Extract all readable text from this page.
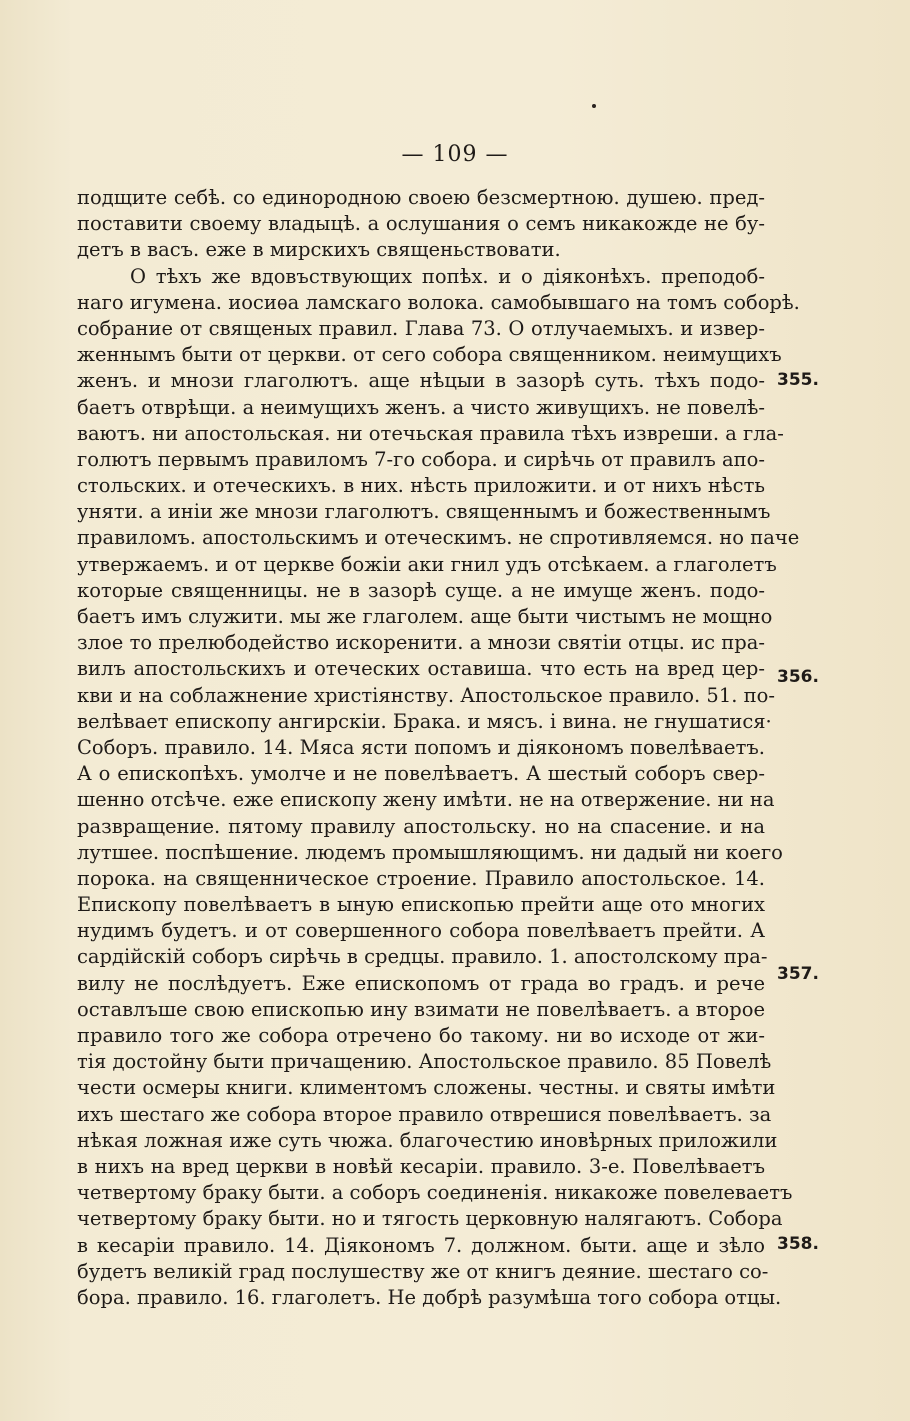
— 109 —
подщите себѣ. со единородною своею безсмертною. душею. пред-
поставити своему владыцѣ. а ослушания о семъ никакожде не бу-
детъ в васъ. еже в мирскихъ священьствовати.
О тѣхъ же вдовъствующих попѣх. и о діяконѣхъ. преподоб-
наго игумена. иосиѳа ламскаго волока. самобывшаго на томъ соборѣ.
собрание от священых правил. Глава 73. О отлучаемыхъ. и извер-
женнымъ быти от церкви. от сего собора священником. неимущихъ
женъ. и мнози глаголютъ. аще нѣцыи в зазорѣ суть. тѣхъ подо-
баетъ отврѣщи. а неимущихъ женъ. а чисто живущихъ. не повелѣ-
ваютъ. ни апостольская. ни отечьская правила тѣхъ извреши. а гла-
голютъ первымъ правиломъ 7-го собора. и сирѣчь от правилъ апо-
стольских. и отеческихъ. в них. нѣсть приложити. и от нихъ нѣсть
уняти. а иніи же мнози глаголютъ. священнымъ и божественнымъ
правиломъ. апостольскимъ и отеческимъ. не спротивляемся. но паче
утвержаемъ. и от церкве божіи аки гнил удъ отсѣкаем. а глаголетъ
которые священницы. не в зазорѣ суще. а не имуще женъ. подо-
баетъ имъ служити. мы же глаголем. аще быти чистымъ не мощно
злое то прелюбодейство искоренити. а мнози святіи отцы. ис пра-
вилъ апостольскихъ и отеческих оставиша. что есть на вред цер-
кви и на соблажнение христіянству. Апостольское правило. 51. по-
велѣвает епископу ангирскіи. Брака. и мясъ. і вина. не гнушатися·
Соборъ. правило. 14. Мяса ясти попомъ и діякономъ повелѣваетъ.
А о епископѣхъ. умолче и не повелѣваетъ. А шестый соборъ свер-
шенно отсѣче. еже епископу жену имѣти. не на отвержение. ни на
развращение. пятому правилу апостольску. но на спасение. и на
лутшее. поспѣшение. людемъ промышляющимъ. ни дадый ни коего
порока. на священническое строение. Правило апостольское. 14.
Епископу повелѣваетъ в ыную епископью прейти аще ото многих
нудимъ будетъ. и от совершенного собора повелѣваетъ прейти. А
сардійскій соборъ сирѣчь в средцы. правило. 1. апостолскому пра-
вилу не послѣдуетъ. Еже епископомъ от града во градъ. и рече
оставлъше свою епископью ину взимати не повелѣваетъ. а второе
правило того же собора отречено бо такому. ни во исходе от жи-
тія достойну быти причащению. Апостольское правило. 85 Повелѣ
чести осмеры книги. климентомъ сложены. честны. и святы имѣти
ихъ шестаго же собора второе правило отврешися повелѣваетъ. за
нѣкая ложная иже суть чюжа. благочестию иновѣрных приложили
в нихъ на вред церкви в новѣй кесаріи. правило. 3-е. Повелѣваетъ
четвертому браку быти. а соборъ соединенія. никакоже повелеваетъ
четвертому браку быти. но и тягость церковную налягаютъ. Собора
в кесаріи правило. 14. Діякономъ 7. должном. быти. аще и зѣло
будетъ великій град послушеству же от книгъ деяние. шестаго со-
бора. правило. 16. глаголетъ. Не добрѣ разумѣша того собора отцы.
355.
356.
357.
358.
